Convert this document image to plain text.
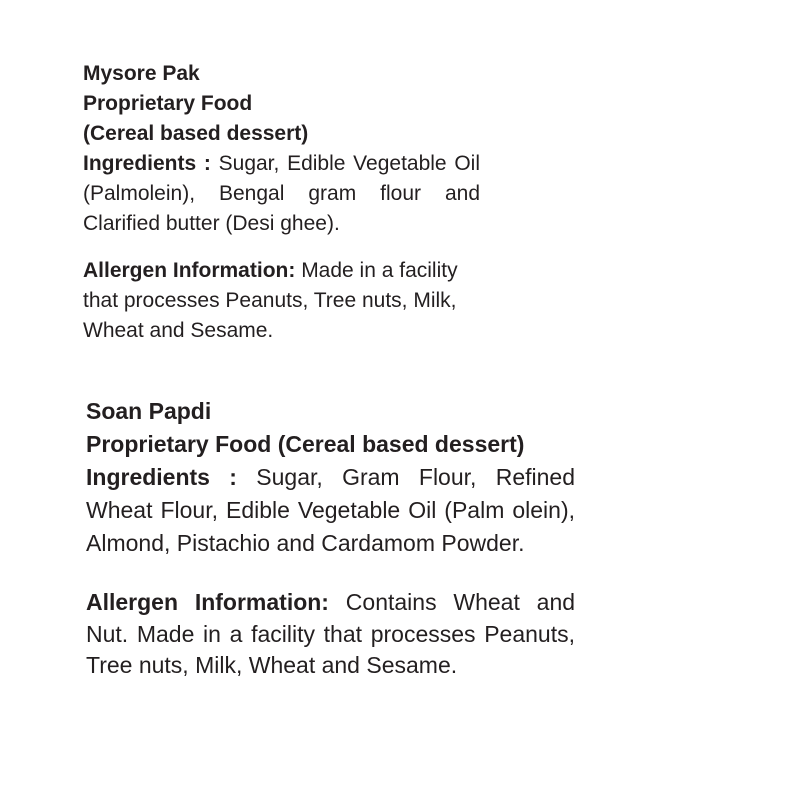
Mysore Pak
Proprietary Food
(Cereal based dessert)
Ingredients : Sugar, Edible Vegetable Oil
(Palmolein), Bengal gram flour and
Clarified butter (Desi ghee).
Allergen Information: Made in a facility
that processes Peanuts, Tree nuts, Milk,
Wheat and Sesame.
Soan Papdi
Proprietary Food (Cereal based dessert)
Ingredients : Sugar, Gram Flour, Refined
Wheat Flour, Edible Vegetable Oil (Palm olein),
Almond, Pistachio and Cardamom Powder.
Allergen Information: Contains Wheat and
Nut. Made in a facility that processes Peanuts,
Tree nuts, Milk, Wheat and Sesame.
